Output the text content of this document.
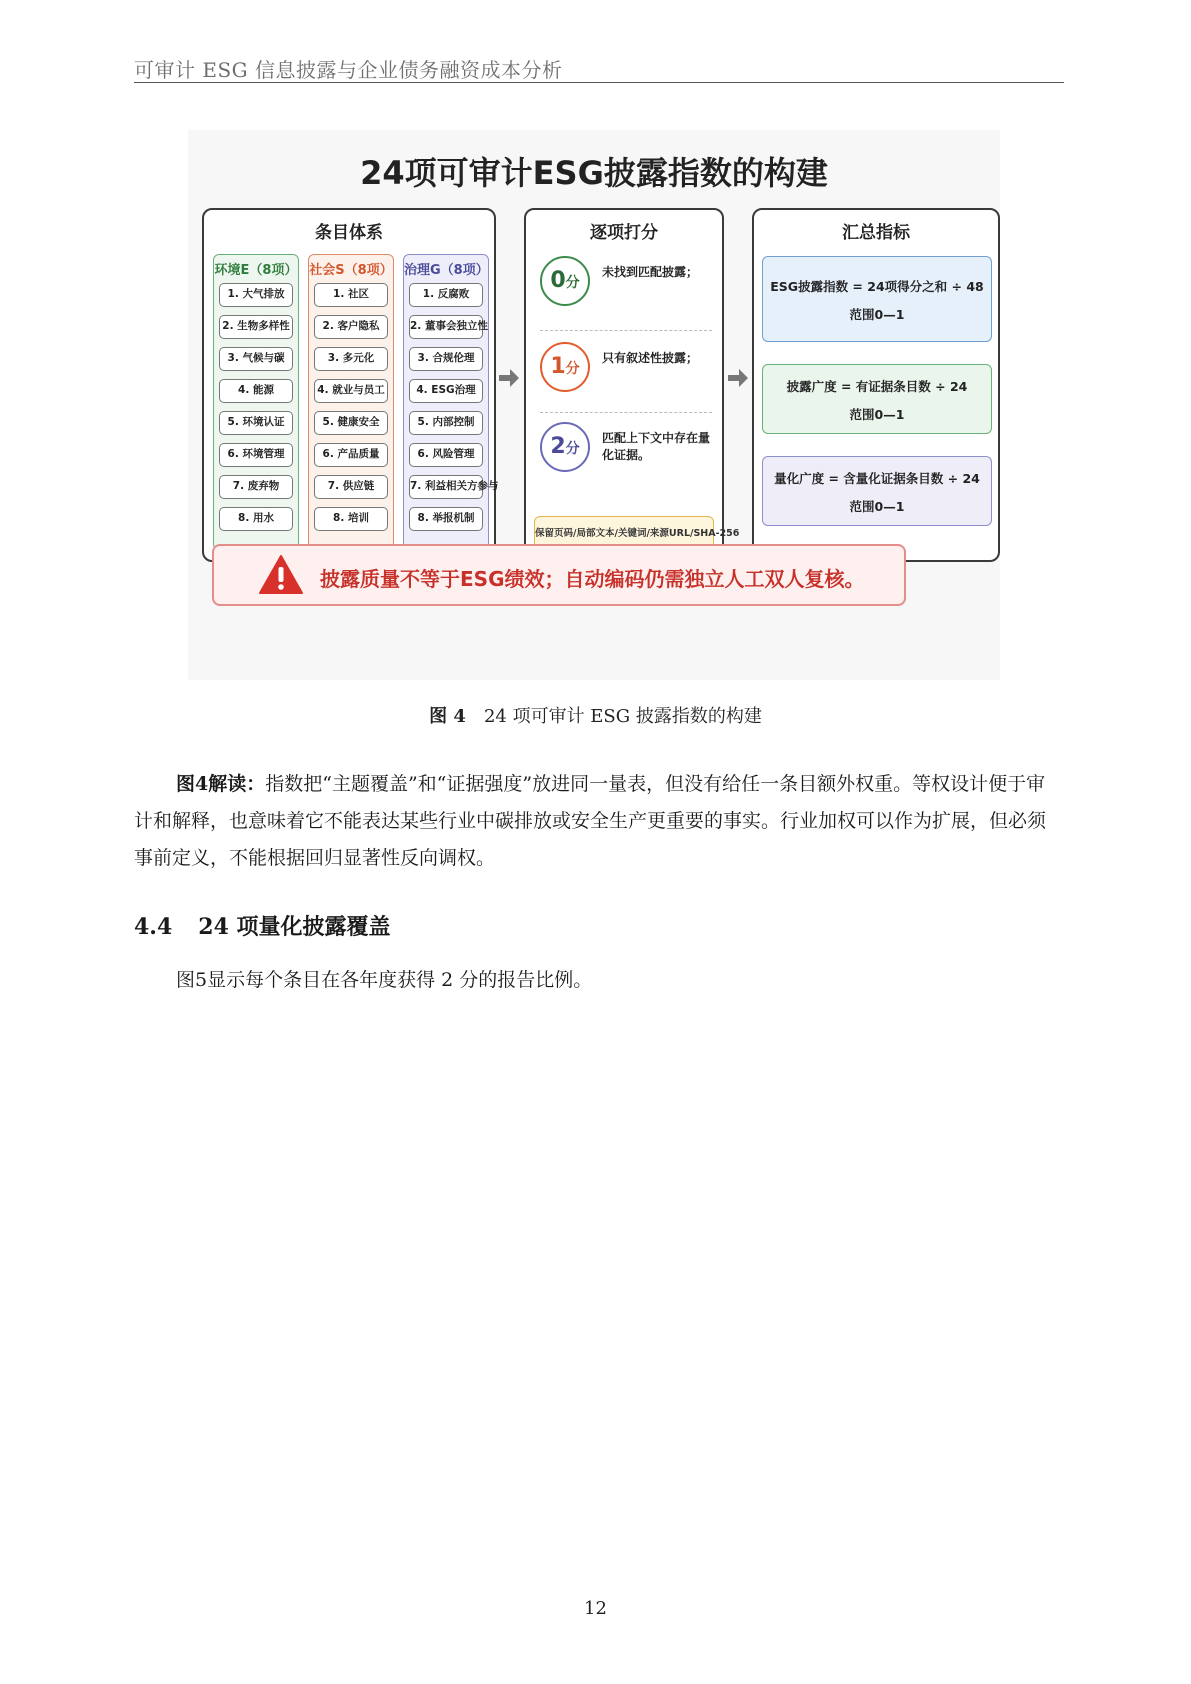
可审计 ESG 信息披露与企业债务融资成本分析
24项可审计ESG披露指数的构建
条目体系
环境E（8项）
1. 大气排放
2. 生物多样性
3. 气候与碳
4. 能源
5. 环境认证
6. 环境管理
7. 废弃物
8. 用水
社会S（8项）
1. 社区
2. 客户隐私
3. 多元化
4. 就业与员工
5. 健康安全
6. 产品质量
7. 供应链
8. 培训
治理G（8项）
1. 反腐败
2. 董事会独立性
3. 合规伦理
4. ESG治理
5. 内部控制
6. 风险管理
7. 利益相关方参与
8. 举报机制
逐项打分
0分
未找到匹配披露；
1分
只有叙述性披露；
2分
匹配上下文中存在量化证据。
保留页码/局部文本/关键词/来源URL/SHA-256
汇总指标
ESG披露指数 = 24项得分之和 ÷ 48
范围0—1
披露广度 = 有证据条目数 ÷ 24
范围0—1
量化广度 = 含量化证据条目数 ÷ 24
范围0—1
披露质量不等于ESG绩效；自动编码仍需独立人工双人复核。
图 4 24 项可审计 ESG 披露指数的构建
图4解读：指数把“主题覆盖”和“证据强度”放进同一量表，但没有给任一条目额外权重。等权设计便于审计和解释，也意味着它不能表达某些行业中碳排放或安全生产更重要的事实。行业加权可以作为扩展，但必须事前定义，不能根据回归显著性反向调权。
4.4 24 项量化披露覆盖
图5显示每个条目在各年度获得 2 分的报告比例。
12
